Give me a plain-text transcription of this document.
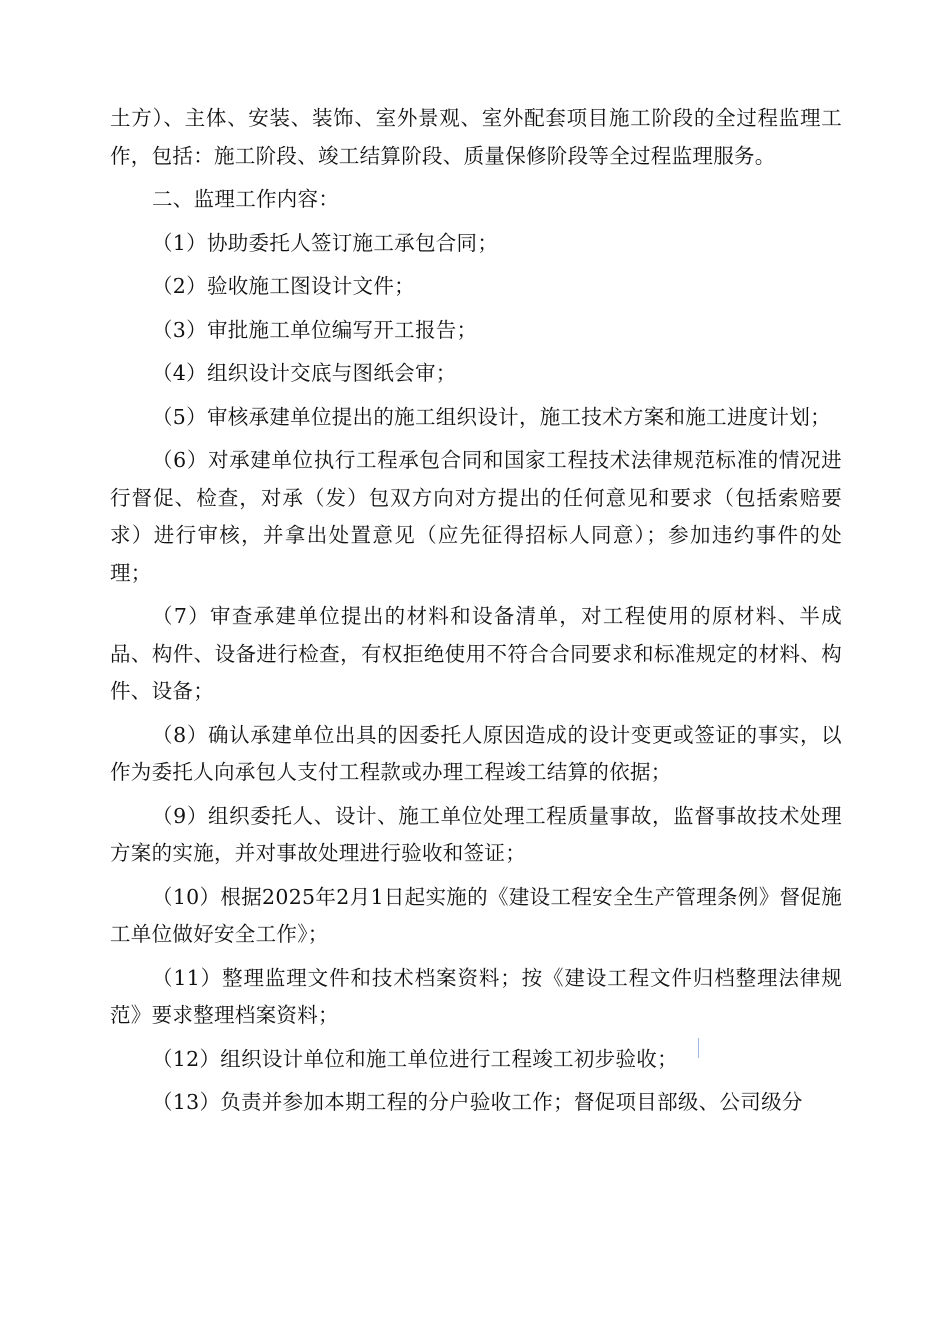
土方）、主体、安装、装饰、室外景观、室外配套项目施工阶段的全过程监理工作，包括：施工阶段、竣工结算阶段、质量保修阶段等全过程监理服务。

二、监理工作内容：

（1）协助委托人签订施工承包合同；

（2）验收施工图设计文件；

（3）审批施工单位编写开工报告；

（4）组织设计交底与图纸会审；

（5）审核承建单位提出的施工组织设计，施工技术方案和施工进度计划；

（6）对承建单位执行工程承包合同和国家工程技术法律规范标准的情况进行督促、检查，对承（发）包双方向对方提出的任何意见和要求（包括索赔要求）进行审核，并拿出处置意见（应先征得招标人同意）；参加违约事件的处理；

（7）审查承建单位提出的材料和设备清单，对工程使用的原材料、半成品、构件、设备进行检查，有权拒绝使用不符合合同要求和标准规定的材料、构件、设备；

（8）确认承建单位出具的因委托人原因造成的设计变更或签证的事实，以作为委托人向承包人支付工程款或办理工程竣工结算的依据；

（9）组织委托人、设计、施工单位处理工程质量事故，监督事故技术处理方案的实施，并对事故处理进行验收和签证；

（10）根据2025年2月1日起实施的《建设工程安全生产管理条例》督促施工单位做好安全工作》；

（11）整理监理文件和技术档案资料；按《建设工程文件归档整理法律规范》要求整理档案资料；

（12）组织设计单位和施工单位进行工程竣工初步验收；

（13）负责并参加本期工程的分户验收工作；督促项目部级、公司级分
